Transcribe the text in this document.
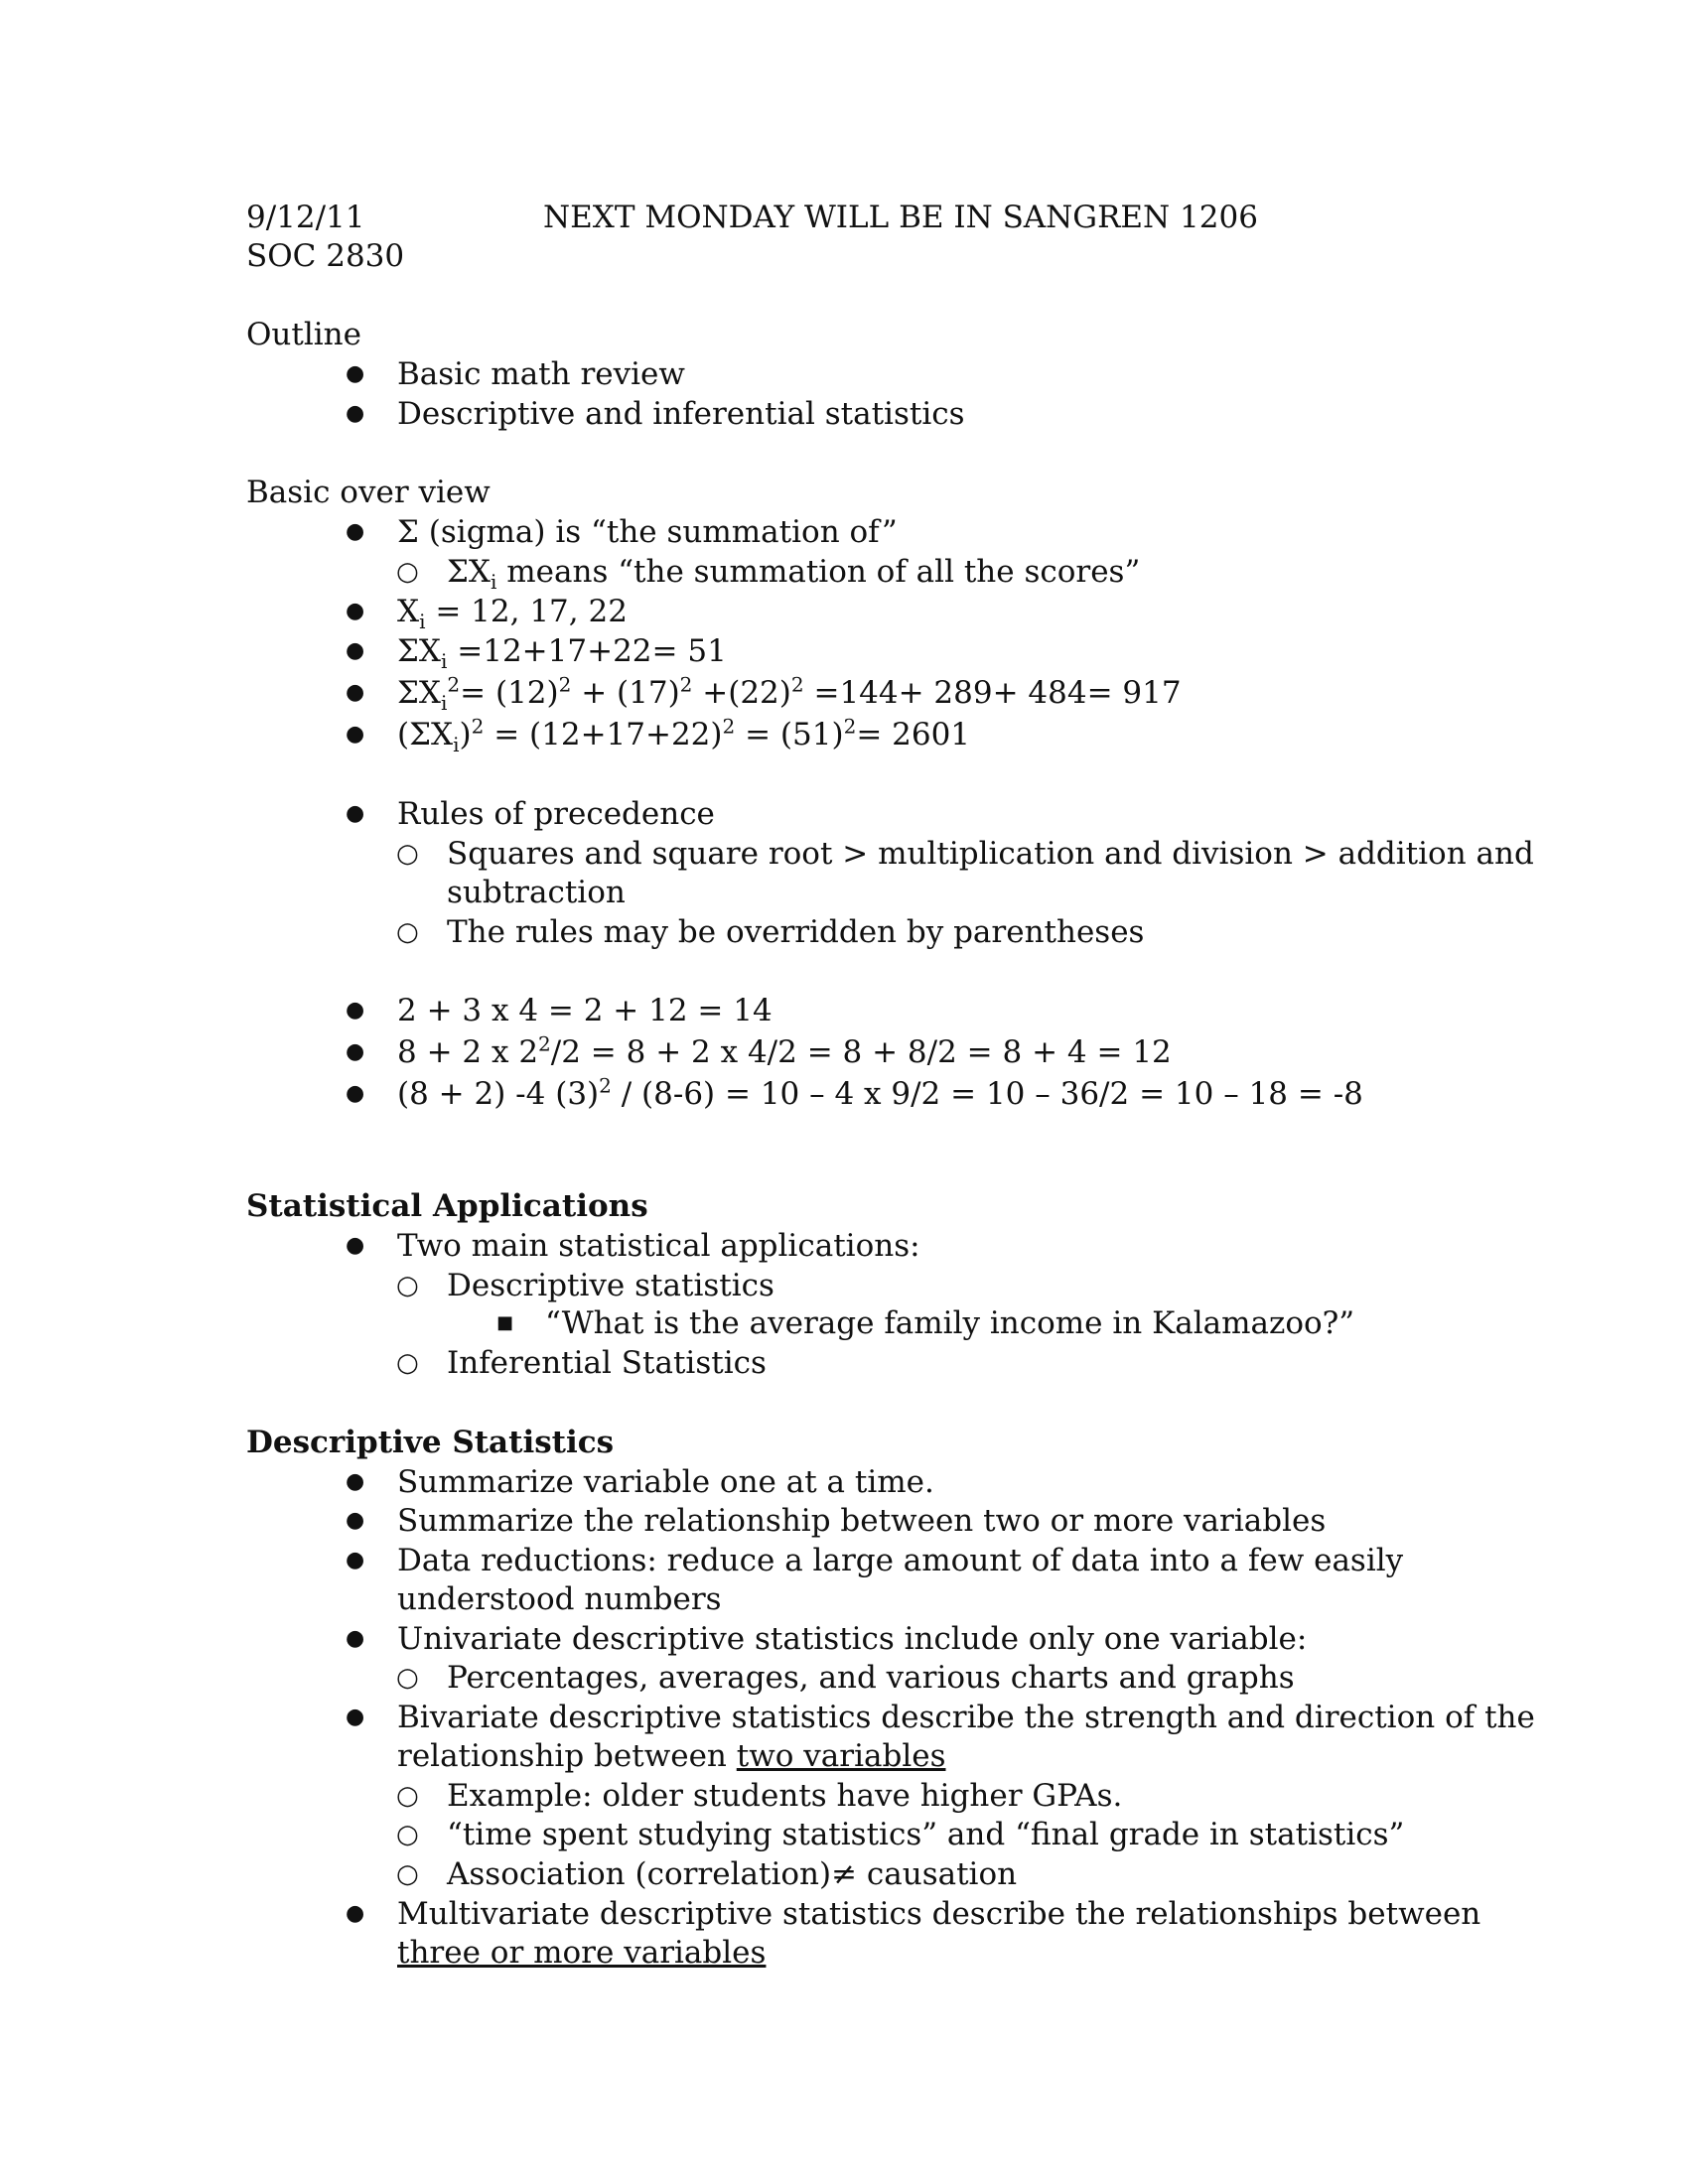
9/12/11	NEXT MONDAY WILL BE IN SANGREN 1206
SOC 2830
Outline
● Basic math review
● Descriptive and inferential statistics
Basic over view
● Σ (sigma) is “the summation of”
○ $\Sigma X_i$ means “the summation of all the scores”
● $X_i = 12$, 17, 22
● $\Sigma X_i =12+17+22= 51$
● $\Sigma X_i^2= (12)^2 + (17)^2 +(22)^2 =144+ 289+ 484= 917$
● $(\Sigma X_i)^2 = (12+17+22)^2 = (51)^2= 2601$
● Rules of precedence
○ Squares and square root > multiplication and division > addition and
subtraction
○ The rules may be overridden by parentheses
● 2 + 3 x 4 = 2 + 12 = 14
● 8 + 2 x $2^2/2 = 8 + 2$ x 4/2 = 8 + 8/2 = 8 + 4 = 12
● (8 + 2) -4 $(3)^2 / (8-6) = 10 - 4$ x 9/2 = 10 – 36/2 = 10 – 18 = -8
Statistical Applications
● Two main statistical applications:
○ Descriptive statistics
■ “What is the average family income in Kalamazoo?”
○ Inferential Statistics
Descriptive Statistics
● Summarize variable one at a time.
● Summarize the relationship between two or more variables
● Data reductions: reduce a large amount of data into a few easily
understood numbers
● Univariate descriptive statistics include only one variable:
○ Percentages, averages, and various charts and graphs
● Bivariate descriptive statistics describe the strength and direction of the
relationship between two variables
○ Example: older students have higher GPAs.
○ “time spent studying statistics” and “final grade in statistics”
○ Association (correlation)≠ causation
● Multivariate descriptive statistics describe the relationships between
three or more variables
